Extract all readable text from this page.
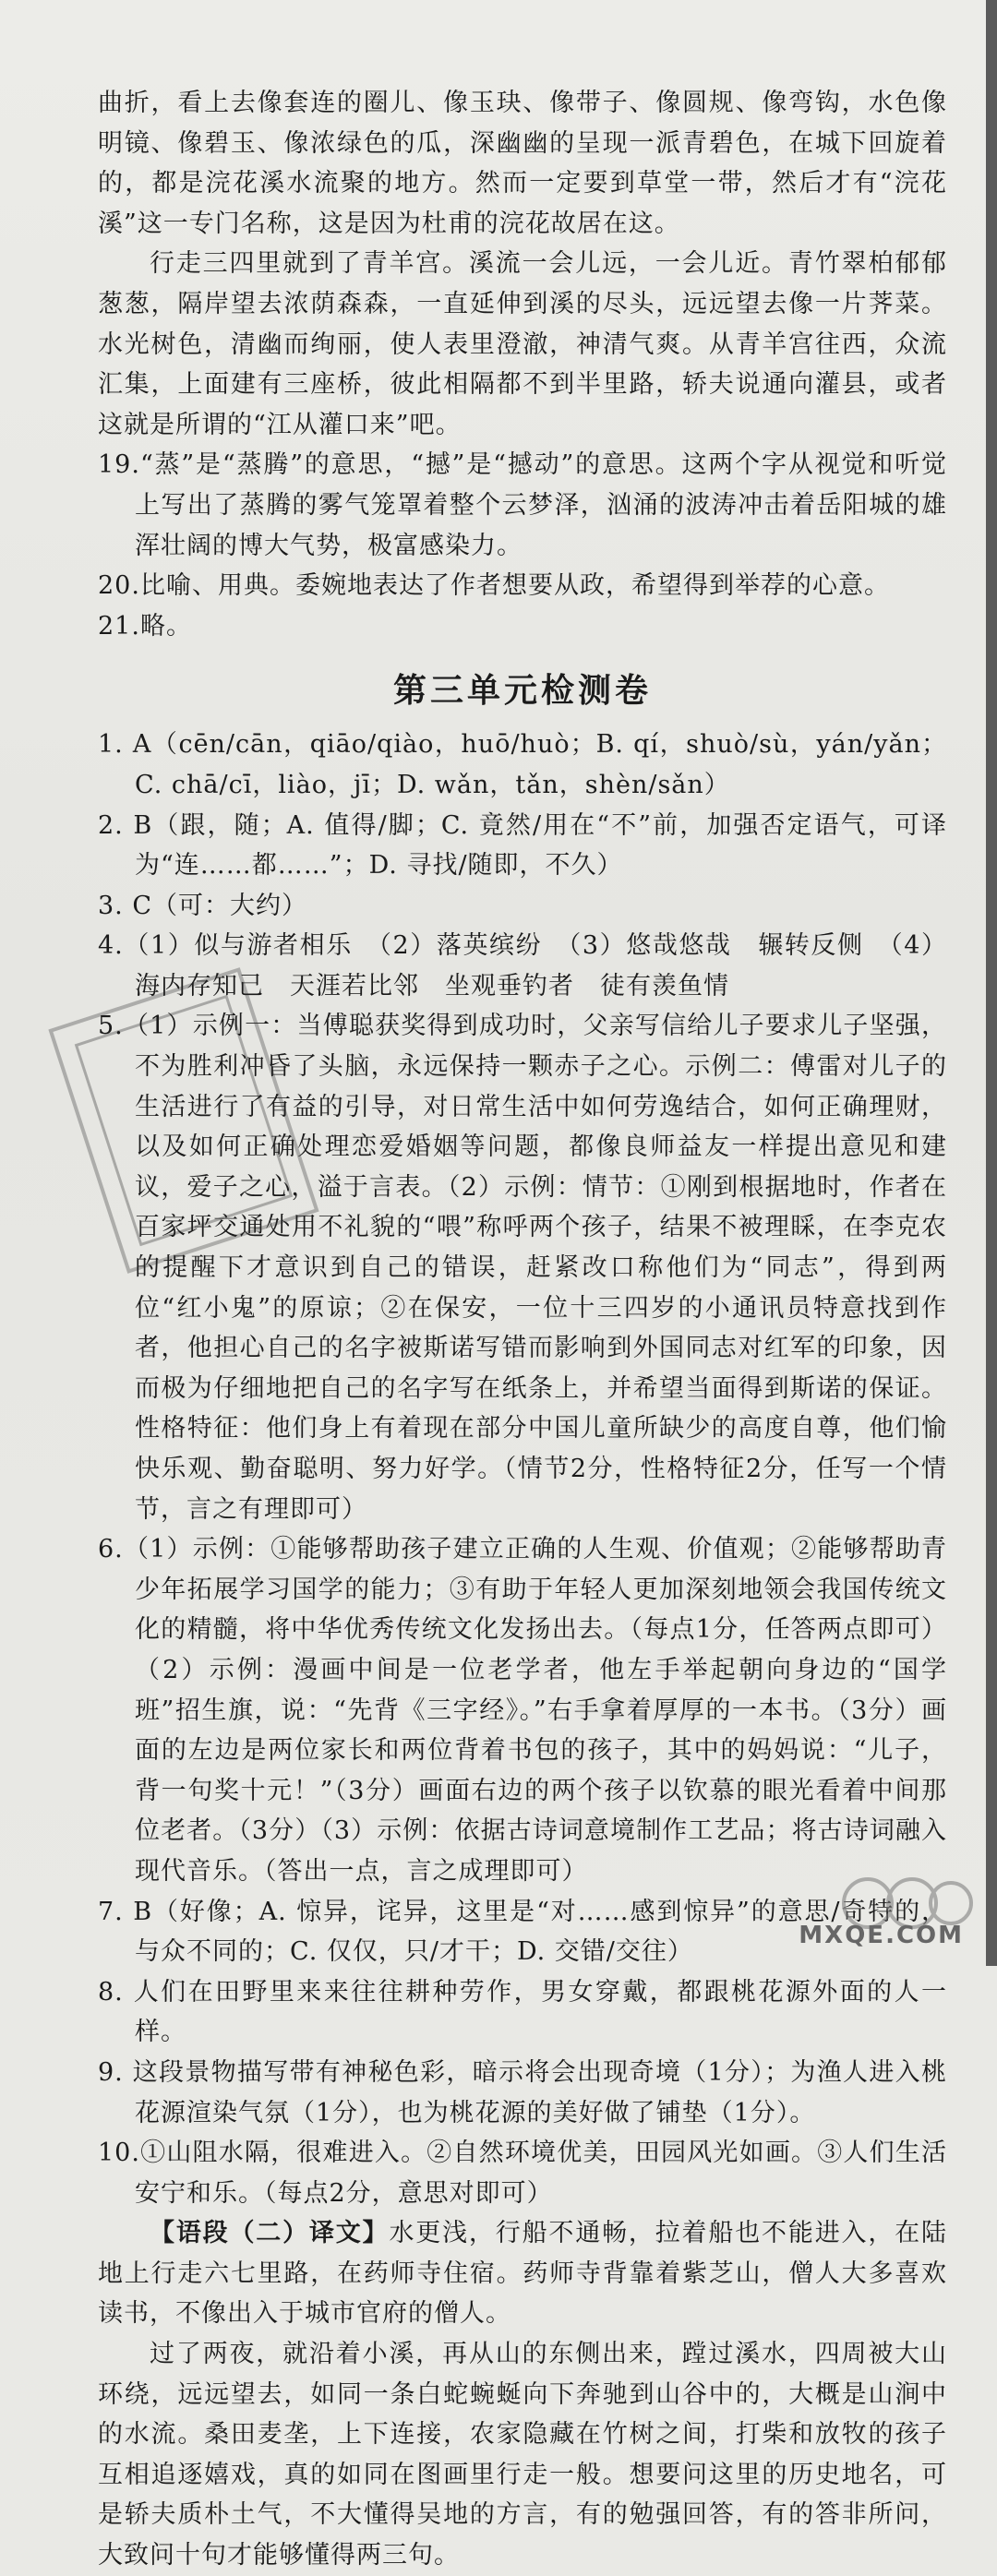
曲折，看上去像套连的圈儿、像玉玦、像带子、像圆规、像弯钩，水色像明镜、像碧玉、像浓绿色的瓜，深幽幽的呈现一派青碧色，在城下回旋着的，都是浣花溪水流聚的地方。然而一定要到草堂一带，然后才有“浣花溪”这一专门名称，这是因为杜甫的浣花故居在这。

行走三四里就到了青羊宫。溪流一会儿远，一会儿近。青竹翠柏郁郁葱葱，隔岸望去浓荫森森，一直延伸到溪的尽头，远远望去像一片荠菜。水光树色，清幽而绚丽，使人表里澄澈，神清气爽。从青羊宫往西，众流汇集，上面建有三座桥，彼此相隔都不到半里路，轿夫说通向灌县，或者这就是所谓的“江从灌口来”吧。

19.“蒸”是“蒸腾”的意思，“撼”是“撼动”的意思。这两个字从视觉和听觉上写出了蒸腾的雾气笼罩着整个云梦泽，汹涌的波涛冲击着岳阳城的雄浑壮阔的博大气势，极富感染力。

20.比喻、用典。委婉地表达了作者想要从政，希望得到举荐的心意。

21.略。

第三单元检测卷

1. A（cēn/cān，qiāo/qiào，huō/huò；B. qí，shuò/sù，yán/yǎn；C. chā/cī，liào，jī；D. wǎn，tǎn，shèn/sǎn）

2. B（跟，随；A. 值得/脚；C. 竟然/用在“不”前，加强否定语气，可译为“连……都……”；D. 寻找/随即，不久）

3. C（可：大约）

4.（1）似与游者相乐　（2）落英缤纷　（3）悠哉悠哉　辗转反侧　（4）海内存知己　天涯若比邻　坐观垂钓者　徒有羡鱼情

5.（1）示例一：当傅聪获奖得到成功时，父亲写信给儿子要求儿子坚强，不为胜利冲昏了头脑，永远保持一颗赤子之心。示例二：傅雷对儿子的生活进行了有益的引导，对日常生活中如何劳逸结合，如何正确理财，以及如何正确处理恋爱婚姻等问题，都像良师益友一样提出意见和建议，爱子之心，溢于言表。（2）示例：情节：①刚到根据地时，作者在百家坪交通处用不礼貌的“喂”称呼两个孩子，结果不被理睬，在李克农的提醒下才意识到自己的错误，赶紧改口称他们为“同志”，得到两位“红小鬼”的原谅；②在保安，一位十三四岁的小通讯员特意找到作者，他担心自己的名字被斯诺写错而影响到外国同志对红军的印象，因而极为仔细地把自己的名字写在纸条上，并希望当面得到斯诺的保证。性格特征：他们身上有着现在部分中国儿童所缺少的高度自尊，他们愉快乐观、勤奋聪明、努力好学。（情节2分，性格特征2分，任写一个情节，言之有理即可）

6.（1）示例：①能够帮助孩子建立正确的人生观、价值观；②能够帮助青少年拓展学习国学的能力；③有助于年轻人更加深刻地领会我国传统文化的精髓，将中华优秀传统文化发扬出去。（每点1分，任答两点即可）（2）示例：漫画中间是一位老学者，他左手举起朝向身边的“国学班”招生旗，说：“先背《三字经》。”右手拿着厚厚的一本书。（3分）画面的左边是两位家长和两位背着书包的孩子，其中的妈妈说：“儿子，背一句奖十元！”（3分）画面右边的两个孩子以钦慕的眼光看着中间那位老者。（3分）（3）示例：依据古诗词意境制作工艺品；将古诗词融入现代音乐。（答出一点，言之成理即可）

7. B（好像；A. 惊异，诧异，这里是“对……感到惊异”的意思/奇特的，与众不同的；C. 仅仅，只/才干；D. 交错/交往）

8. 人们在田野里来来往往耕种劳作，男女穿戴，都跟桃花源外面的人一样。

9. 这段景物描写带有神秘色彩，暗示将会出现奇境（1分）；为渔人进入桃花源渲染气氛（1分），也为桃花源的美好做了铺垫（1分）。

10.①山阻水隔，很难进入。②自然环境优美，田园风光如画。③人们生活安宁和乐。（每点2分，意思对即可）

【语段（二）译文】水更浅，行船不通畅，拉着船也不能进入，在陆地上行走六七里路，在药师寺住宿。药师寺背靠着紫芝山，僧人大多喜欢读书，不像出入于城市官府的僧人。

过了两夜，就沿着小溪，再从山的东侧出来，蹚过溪水，四周被大山环绕，远远望去，如同一条白蛇蜿蜒向下奔驰到山谷中的，大概是山涧中的水流。桑田麦垄，上下连接，农家隐藏在竹树之间，打柴和放牧的孩子互相追逐嬉戏，真的如同在图画里行走一般。想要问这里的历史地名，可是轿夫质朴土气，不大懂得吴地的方言，有的勉强回答，有的答非所问，大致问十句才能够懂得两三句。

MXQE.COM
